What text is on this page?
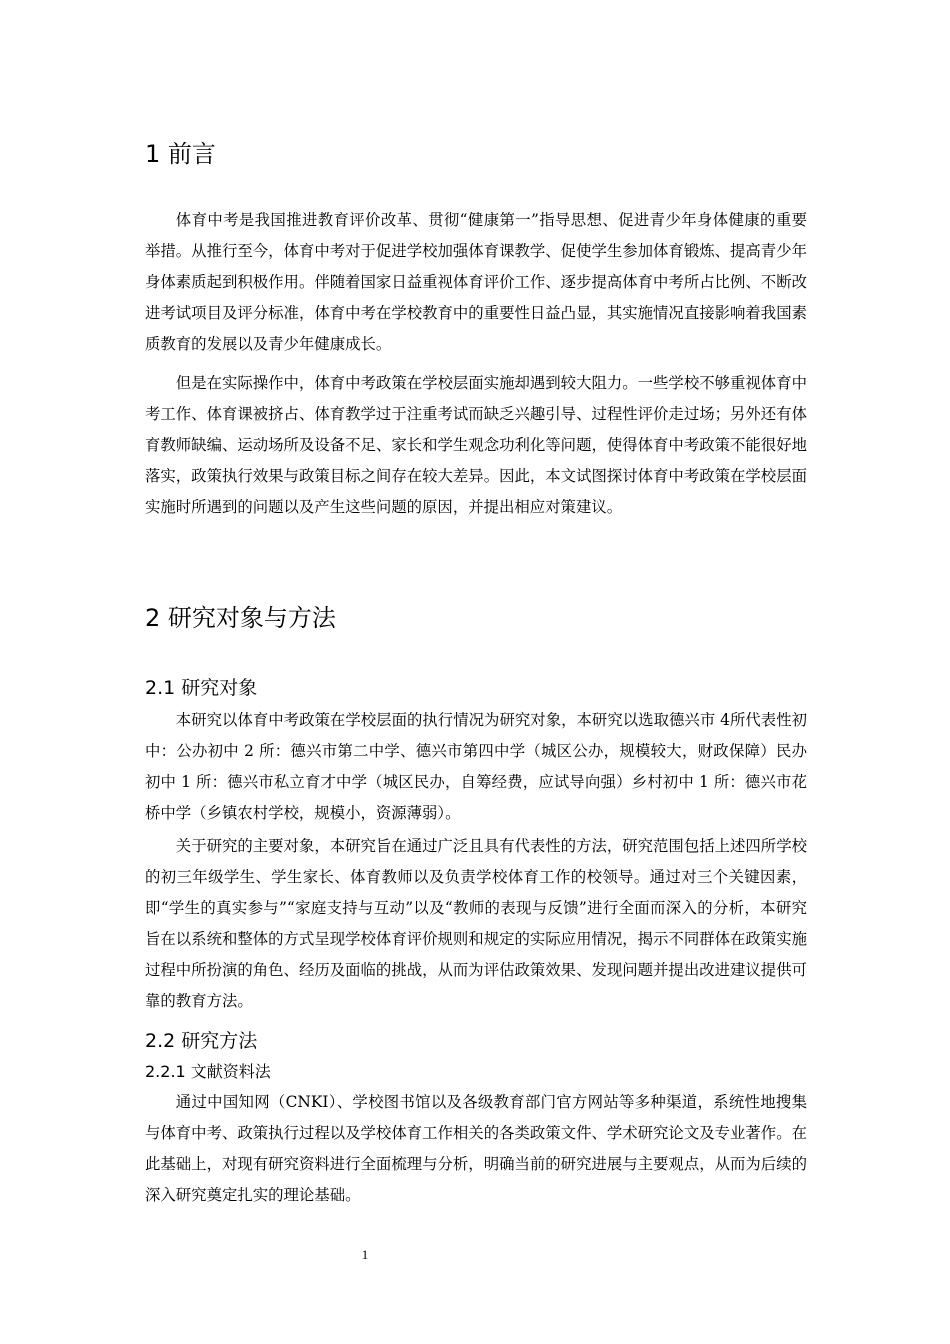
1 前言

体育中考是我国推进教育评价改革、贯彻“健康第一”指导思想、促进青少年身体健康的重要举措。从推行至今，体育中考对于促进学校加强体育课教学、促使学生参加体育锻炼、提高青少年身体素质起到积极作用。伴随着国家日益重视体育评价工作、逐步提高体育中考所占比例、不断改进考试项目及评分标准，体育中考在学校教育中的重要性日益凸显，其实施情况直接影响着我国素质教育的发展以及青少年健康成长。

但是在实际操作中，体育中考政策在学校层面实施却遇到较大阻力。一些学校不够重视体育中考工作、体育课被挤占、体育教学过于注重考试而缺乏兴趣引导、过程性评价走过场；另外还有体育教师缺编、运动场所及设备不足、家长和学生观念功利化等问题，使得体育中考政策不能很好地落实，政策执行效果与政策目标之间存在较大差异。因此，本文试图探讨体育中考政策在学校层面实施时所遇到的问题以及产生这些问题的原因，并提出相应对策建议。

2 研究对象与方法
2.1 研究对象

本研究以体育中考政策在学校层面的执行情况为研究对象，本研究以选取德兴市 4所代表性初中：公办初中 2 所：德兴市第二中学、德兴市第四中学（城区公办，规模较大，财政保障）民办初中 1 所：德兴市私立育才中学（城区民办，自筹经费，应试导向强）乡村初中 1 所：德兴市花桥中学（乡镇农村学校，规模小，资源薄弱）。

关于研究的主要对象，本研究旨在通过广泛且具有代表性的方法，研究范围包括上述四所学校的初三年级学生、学生家长、体育教师以及负责学校体育工作的校领导。通过对三个关键因素，即“学生的真实参与”“家庭支持与互动”以及“教师的表现与反馈”进行全面而深入的分析，本研究旨在以系统和整体的方式呈现学校体育评价规则和规定的实际应用情况，揭示不同群体在政策实施过程中所扮演的角色、经历及面临的挑战，从而为评估政策效果、发现问题并提出改进建议提供可靠的教育方法。

2.2 研究方法
2.2.1 文献资料法

通过中国知网（CNKI）、学校图书馆以及各级教育部门官方网站等多种渠道，系统性地搜集与体育中考、政策执行过程以及学校体育工作相关的各类政策文件、学术研究论文及专业著作。在此基础上，对现有研究资料进行全面梳理与分析，明确当前的研究进展与主要观点，从而为后续的深入研究奠定扎实的理论基础。

1
